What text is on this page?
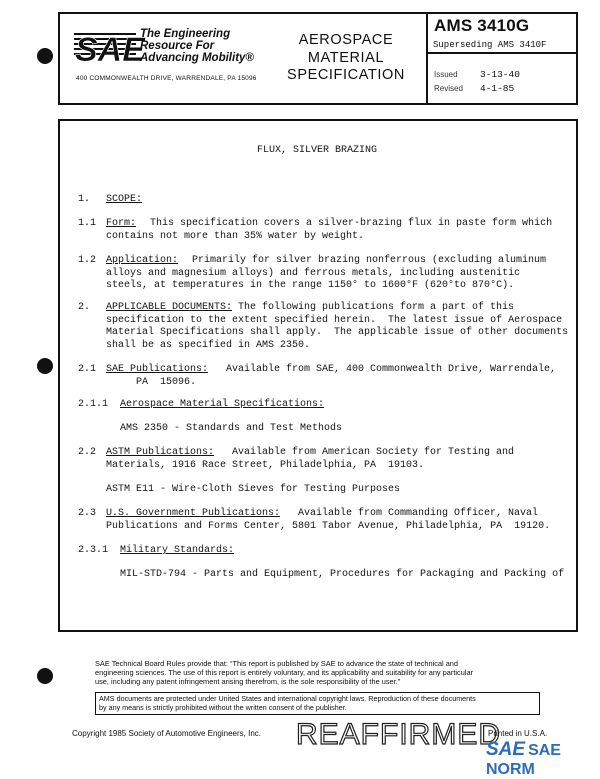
SAE
The Engineering
Resource For
Advancing Mobility®
400 COMMONWEALTH DRIVE, WARRENDALE, PA 15096
AEROSPACE
MATERIAL
SPECIFICATION
AMS 3410G
Superseding AMS 3410F
Issued 3-13-40
Revised 4-1-85
FLUX, SILVER BRAZING
1. SCOPE:
1.1 Form: This specification covers a silver-brazing flux in paste form which
contains not more than 35% water by weight.
1.2 Application: Primarily for silver brazing nonferrous (excluding aluminum
alloys and magnesium alloys) and ferrous metals, including austenitic
steels, at temperatures in the range 1150° to 1600°F (620°to 870°C).
2. APPLICABLE DOCUMENTS: The following publications form a part of this
specification to the extent specified herein.  The latest issue of Aerospace
Material Specifications shall apply.  The applicable issue of other documents
shall be as specified in AMS 2350.
2.1 SAE Publications: Available from SAE, 400 Commonwealth Drive, Warrendale,
PA  15096.
2.1.1 Aerospace Material Specifications:
AMS 2350 - Standards and Test Methods
2.2 ASTM Publications: Available from American Society for Testing and
Materials, 1916 Race Street, Philadelphia, PA  19103.
ASTM E11 - Wire-Cloth Sieves for Testing Purposes
2.3 U.S. Government Publications: Available from Commanding Officer, Naval
Publications and Forms Center, 5801 Tabor Avenue, Philadelphia, PA  19120.
2.3.1 Military Standards:
MIL-STD-794 - Parts and Equipment, Procedures for Packaging and Packing of
SAE Technical Board Rules provide that: “This report is published by SAE to advance the state of technical and
engineering sciences. The use of this report is entirely voluntary, and its applicability and suitability for any particular
use, including any patent infringement arising therefrom, is the sole responsibility of the user.”
AMS documents are protected under United States and international copyright laws. Reproduction of these documents
by any means is strictly prohibited without the written consent of the publisher.
Copyright 1985 Society of Automotive Engineers, Inc. REAFFIRMED
Printed in U.S.A.
SAE SAE NORM
